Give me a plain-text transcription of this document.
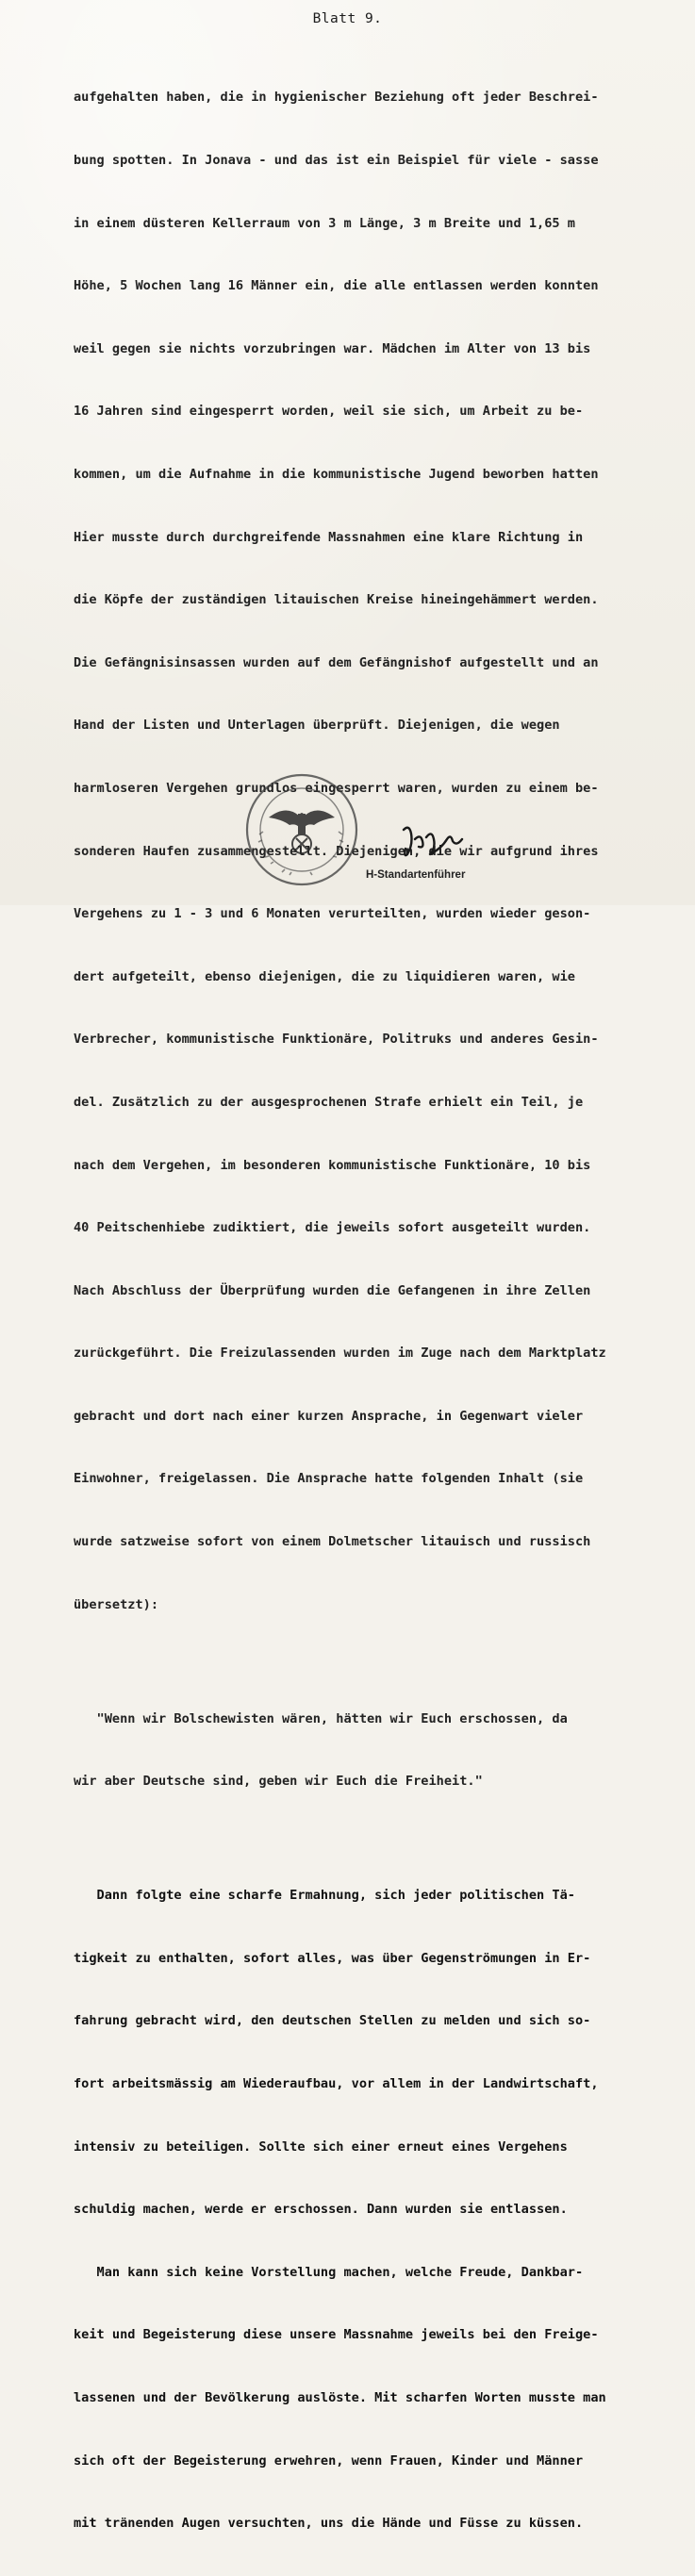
Blatt 9.

aufgehalten haben, die in hygienischer Beziehung oft jeder Beschrei-

bung spotten. In Jonava - und das ist ein Beispiel für viele - sasse

in einem düsteren Kellerraum von 3 m Länge, 3 m Breite und 1,65 m

Höhe, 5 Wochen lang 16 Männer ein, die alle entlassen werden konnten

weil gegen sie nichts vorzubringen war. Mädchen im Alter von 13 bis

16 Jahren sind eingesperrt worden, weil sie sich, um Arbeit zu be-

kommen, um die Aufnahme in die kommunistische Jugend beworben hatten

Hier musste durch durchgreifende Massnahmen eine klare Richtung in

die Köpfe der zuständigen litauischen Kreise hineingehämmert werden.

Die Gefängnisinsassen wurden auf dem Gefängnishof aufgestellt und an

Hand der Listen und Unterlagen überprüft. Diejenigen, die wegen

harmloseren Vergehen grundlos eingesperrt waren, wurden zu einem be-

sonderen Haufen zusammengestellt. Diejenigen, die wir aufgrund ihres

Vergehens zu 1 - 3 und 6 Monaten verurteilten, wurden wieder geson-

dert aufgeteilt, ebenso diejenigen, die zu liquidieren waren, wie

Verbrecher, kommunistische Funktionäre, Politruks und anderes Gesin-

del. Zusätzlich zu der ausgesprochenen Strafe erhielt ein Teil, je

nach dem Vergehen, im besonderen kommunistische Funktionäre, 10 bis

40 Peitschenhiebe zudiktiert, die jeweils sofort ausgeteilt wurden.

Nach Abschluss der Überprüfung wurden die Gefangenen in ihre Zellen

zurückgeführt. Die Freizulassenden wurden im Zuge nach dem Marktplatz

gebracht und dort nach einer kurzen Ansprache, in Gegenwart vieler

Einwohner, freigelassen. Die Ansprache hatte folgenden Inhalt (sie

wurde satzweise sofort von einem Dolmetscher litauisch und russisch

übersetzt):

"Wenn wir Bolschewisten wären, hätten wir Euch erschossen, da

wir aber Deutsche sind, geben wir Euch die Freiheit."

Dann folgte eine scharfe Ermahnung, sich jeder politischen Tä-

tigkeit zu enthalten, sofort alles, was über Gegenströmungen in Er-

fahrung gebracht wird, den deutschen Stellen zu melden und sich so-

fort arbeitsmässig am Wiederaufbau, vor allem in der Landwirtschaft,

intensiv zu beteiligen. Sollte sich einer erneut eines Vergehens

schuldig machen, werde er erschossen. Dann wurden sie entlassen.

Man kann sich keine Vorstellung machen, welche Freude, Dankbar-

keit und Begeisterung diese unsere Massnahme jeweils bei den Freige-

lassenen und der Bevölkerung auslöste. Mit scharfen Worten musste man

sich oft der Begeisterung erwehren, wenn Frauen, Kinder und Männer

mit tränenden Augen versuchten, uns die Hände und Füsse zu küssen.

H-Standartenführer
